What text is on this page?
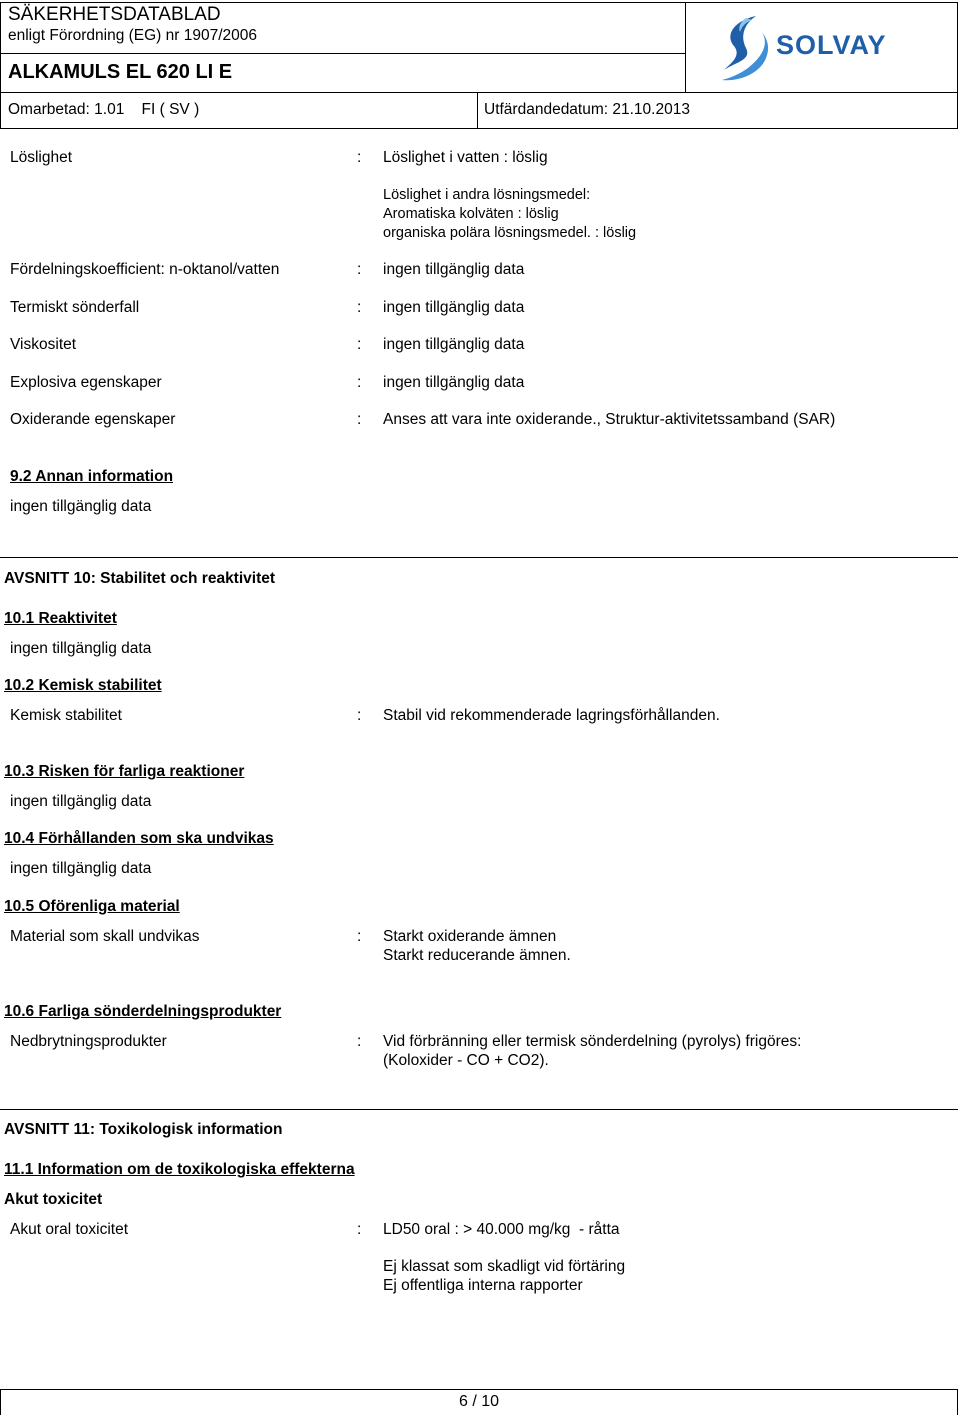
SÄKERHETSDATABLAD
enligt Förordning (EG) nr 1907/2006
ALKAMULS EL 620 LI E
Omarbetad: 1.01    FI ( SV )	Utfärdandedatum: 21.10.2013
SOLVAY
Löslighet	: Löslighet i vatten : löslig
Löslighet i andra lösningsmedel:
Aromatiska kolväten : löslig
organiska polära lösningsmedel. : löslig
Fördelningskoefficient: n-oktanol/vatten	: ingen tillgänglig data
Termiskt sönderfall	: ingen tillgänglig data
Viskositet	: ingen tillgänglig data
Explosiva egenskaper	: ingen tillgänglig data
Oxiderande egenskaper	: Anses att vara inte oxiderande., Struktur-aktivitetssamband (SAR)
9.2 Annan information
ingen tillgänglig data
AVSNITT 10: Stabilitet och reaktivitet
10.1 Reaktivitet
ingen tillgänglig data
10.2 Kemisk stabilitet
Kemisk stabilitet	: Stabil vid rekommenderade lagringsförhållanden.
10.3 Risken för farliga reaktioner
ingen tillgänglig data
10.4 Förhållanden som ska undvikas
ingen tillgänglig data
10.5 Oförenliga material
Material som skall undvikas	: Starkt oxiderande ämnen
Starkt reducerande ämnen.
10.6 Farliga sönderdelningsprodukter
Nedbrytningsprodukter	: Vid förbränning eller termisk sönderdelning (pyrolys) frigöres:
(Koloxider - CO + CO2).
AVSNITT 11: Toxikologisk information
11.1 Information om de toxikologiska effekterna
Akut toxicitet
Akut oral toxicitet	: LD50 oral : > 40.000 mg/kg  - råtta
Ej klassat som skadligt vid förtäring
Ej offentliga interna rapporter
6 / 10
